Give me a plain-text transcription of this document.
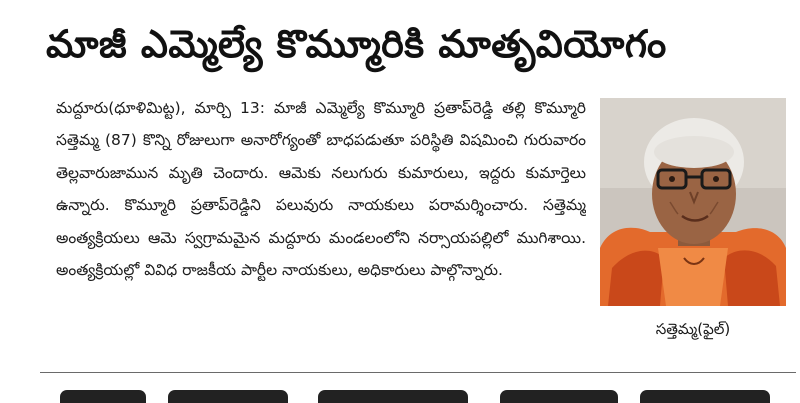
మాజీ ఎమ్మెల్యే కొమ్మూరికి మాతృవియోగం
మద్దూరు(ధూళిమిట్ట), మార్చి 13: మాజీ ఎమ్మెల్యే కొమ్మూరి ప్రతాప్‌రెడ్డి తల్లి కొమ్మూరి సత్తెమ్మ (87) కొన్ని రోజులుగా అనారోగ్యంతో బాధపడుతూ పరిస్థితి విషమించి గురువారం తెల్లవారుజామున మృతి చెందారు. ఆమెకు నలుగురు కుమారులు, ఇద్దరు కుమార్తెలు ఉన్నారు. కొమ్మూరి ప్రతాప్‌రెడ్డిని పలువురు నాయకులు పరామర్శించారు. సత్తెమ్మ అంత్యక్రియలు ఆమె స్వగ్రామమైన మద్దూరు మండలంలోని నర్సాయపల్లిలో ముగిశాయి. అంత్యక్రియల్లో వివిధ రాజకీయ పార్టీల నాయకులు, అధికారులు పాల్గొన్నారు.
సత్తెమ్మ(ఫైల్)
